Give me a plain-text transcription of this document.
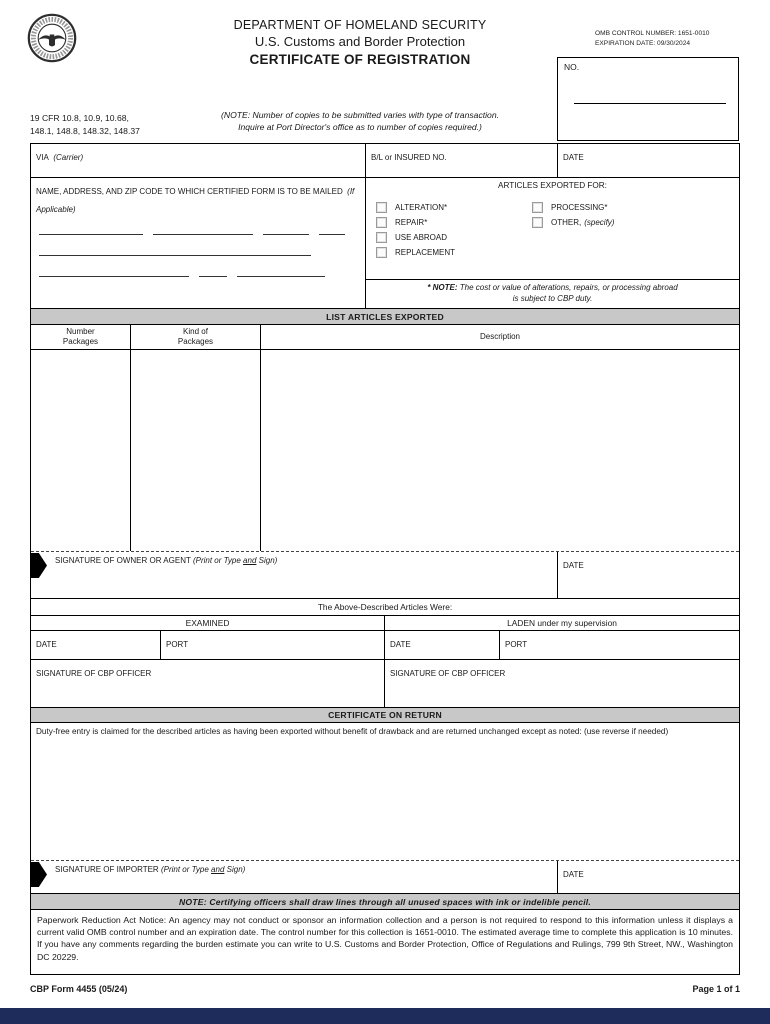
DEPARTMENT OF HOMELAND SECURITY
U.S. Customs and Border Protection
CERTIFICATE OF REGISTRATION
OMB CONTROL NUMBER: 1651-0010
EXPIRATION DATE: 09/30/2024
NO.
19 CFR 10.8, 10.9, 10.68,
148.1, 148.8, 148.32, 148.37
(NOTE: Number of copies to be submitted varies with type of transaction.
Inquire at Port Director's office as to number of copies required.)
VIA (Carrier)	B/L or INSURED NO.	DATE
NAME, ADDRESS, AND ZIP CODE TO WHICH CERTIFIED FORM IS TO BE MAILED (If Applicable)
ARTICLES EXPORTED FOR:
ALTERATION*
REPAIR*
USE ABROAD
REPLACEMENT
PROCESSING*
OTHER, (specify)
* NOTE: The cost or value of alterations, repairs, or processing abroad
is subject to CBP duty.
LIST ARTICLES EXPORTED
Number
Packages
Kind of
Packages
Description
SIGNATURE OF OWNER OR AGENT (Print or Type and Sign)
DATE
The Above-Described Articles Were:
EXAMINED	LADEN under my supervision
DATE	PORT	DATE	PORT
SIGNATURE OF CBP OFFICER	SIGNATURE OF CBP OFFICER
CERTIFICATE ON RETURN
Duty-free entry is claimed for the described articles as having been exported without benefit of drawback and are returned unchanged except as noted: (use reverse if needed)
SIGNATURE OF IMPORTER (Print or Type and Sign)
DATE
NOTE: Certifying officers shall draw lines through all unused spaces with ink or indelible pencil.
Paperwork Reduction Act Notice: An agency may not conduct or sponsor an information collection and a person is not required to respond to this information unless it displays a current valid OMB control number and an expiration date. The control number for this collection is 1651-0010. The estimated average time to complete this application is 10 minutes. If you have any comments regarding the burden estimate you can write to U.S. Customs and Border Protection, Office of Regulations and Rulings, 799 9th Street, NW., Washington DC 20229.
CBP Form 4455 (05/24)	Page 1 of 1
